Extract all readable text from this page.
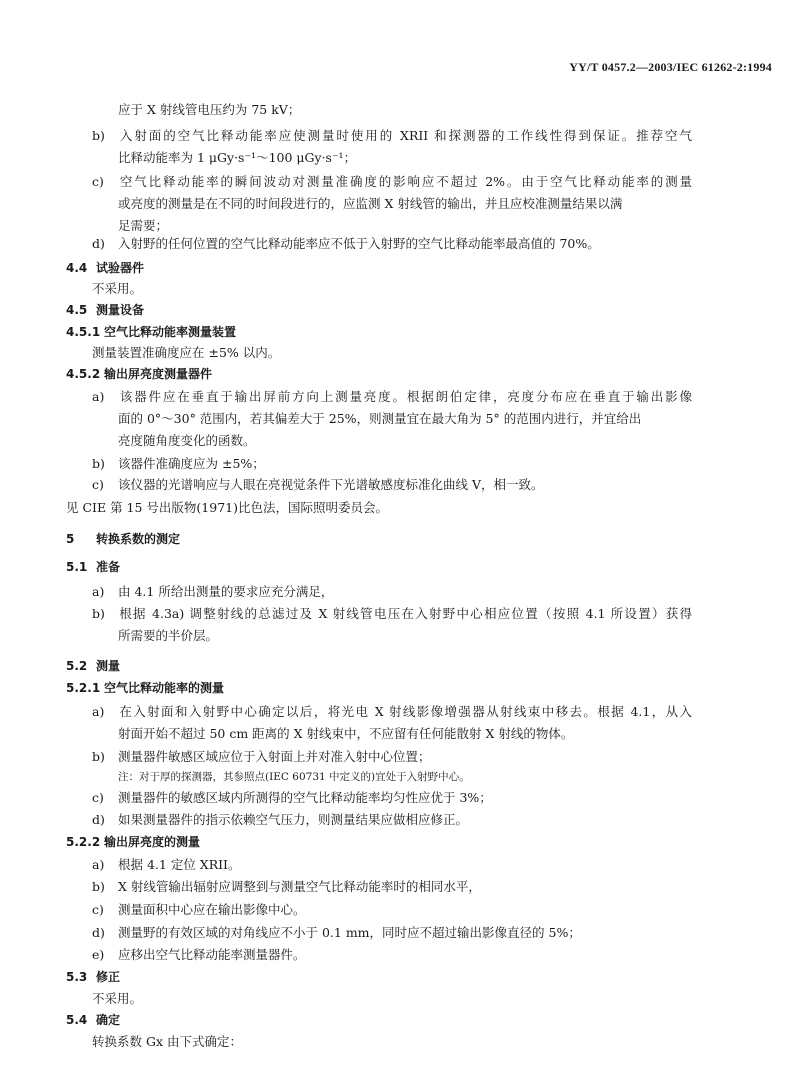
YY/T 0457.2—2003/IEC 61262-2:1994
应于 X 射线管电压约为 75 kV；
b) 入射面的空气比释动能率应使测量时使用的 XRII 和探测器的工作线性得到保证。推荐空气
比释动能率为 1 μGy·s⁻¹～100 μGy·s⁻¹；
c) 空气比释动能率的瞬间波动对测量准确度的影响应不超过 2%。由于空气比释动能率的测量
或亮度的测量是在不同的时间段进行的，应监测 X 射线管的输出，并且应校准测量结果以满
足需要；
d) 入射野的任何位置的空气比释动能率应不低于入射野的空气比释动能率最高值的 70%。
4.4 试验器件
不采用。
4.5 测量设备
4.5.1 空气比释动能率测量装置
测量装置准确度应在 ±5% 以内。
4.5.2 输出屏亮度测量器件
a) 该器件应在垂直于输出屏前方向上测量亮度。根据朗伯定律，亮度分布应在垂直于输出影像
面的 0°～30° 范围内，若其偏差大于 25%，则测量宜在最大角为 5° 的范围内进行，并宜给出
亮度随角度变化的函数。
b) 该器件准确度应为 ±5%；
c) 该仪器的光谱响应与人眼在亮视觉条件下光谱敏感度标准化曲线 V，相一致。
见 CIE 第 15 号出版物(1971)比色法，国际照明委员会。
5 转换系数的测定
5.1 准备
a) 由 4.1 所给出测量的要求应充分满足，
b) 根据 4.3a) 调整射线的总滤过及 X 射线管电压在入射野中心相应位置（按照 4.1 所设置）获得
所需要的半价层。
5.2 测量
5.2.1 空气比释动能率的测量
a) 在入射面和入射野中心确定以后，将光电 X 射线影像增强器从射线束中移去。根据 4.1，从入
射面开始不超过 50 cm 距离的 X 射线束中，不应留有任何能散射 X 射线的物体。
b) 测量器件敏感区域应位于入射面上并对准入射中心位置；
注：对于厚的探测器，其参照点(IEC 60731 中定义的)宜处于入射野中心。
c) 测量器件的敏感区域内所测得的空气比释动能率均匀性应优于 3%；
d) 如果测量器件的指示依赖空气压力，则测量结果应做相应修正。
5.2.2 输出屏亮度的测量
a) 根据 4.1 定位 XRII。
b) X 射线管输出辐射应调整到与测量空气比释动能率时的相同水平，
c) 测量面积中心应在输出影像中心。
d) 测量野的有效区域的对角线应不小于 0.1 mm，同时应不超过输出影像直径的 5%；
e) 应移出空气比释动能率测量器件。
5.3 修正
不采用。
5.4 确定
转换系数 Gx 由下式确定：
